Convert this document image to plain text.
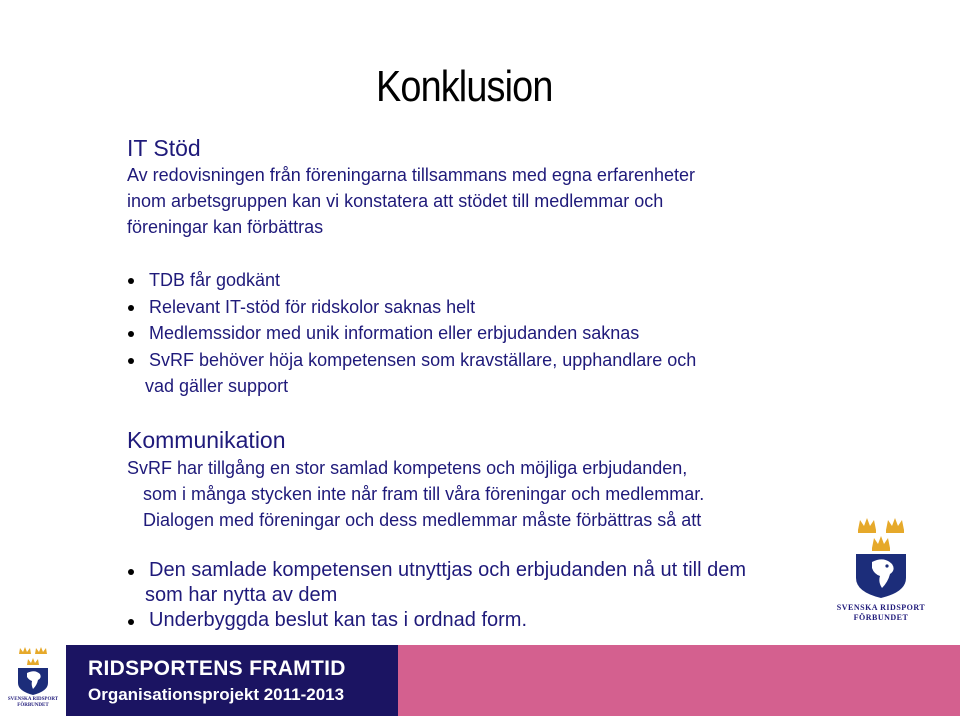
Konklusion
IT Stöd
Av redovisningen från föreningarna tillsammans med egna erfarenheter
inom arbetsgruppen kan vi konstatera att stödet till medlemmar och
föreningar kan förbättras
TDB får godkänt
Relevant IT-stöd för ridskolor saknas helt
Medlemssidor med unik information eller erbjudanden saknas
SvRF behöver höja kompetensen som kravställare, upphandlare och
vad gäller support
Kommunikation
SvRF har tillgång en stor samlad kompetens och möjliga erbjudanden,
som i många stycken inte når fram till våra föreningar och medlemmar.
Dialogen med föreningar och dess medlemmar måste förbättras så att
Den samlade kompetensen utnyttjas och erbjudanden nå ut till dem
som har nytta av dem
Underbyggda beslut kan tas i ordnad form.
SVENSKA RIDSPORT
FÖRBUNDET
SVENSKA RIDSPORT
FÖRBUNDET
RIDSPORTENS FRAMTID
Organisationsprojekt 2011-2013
